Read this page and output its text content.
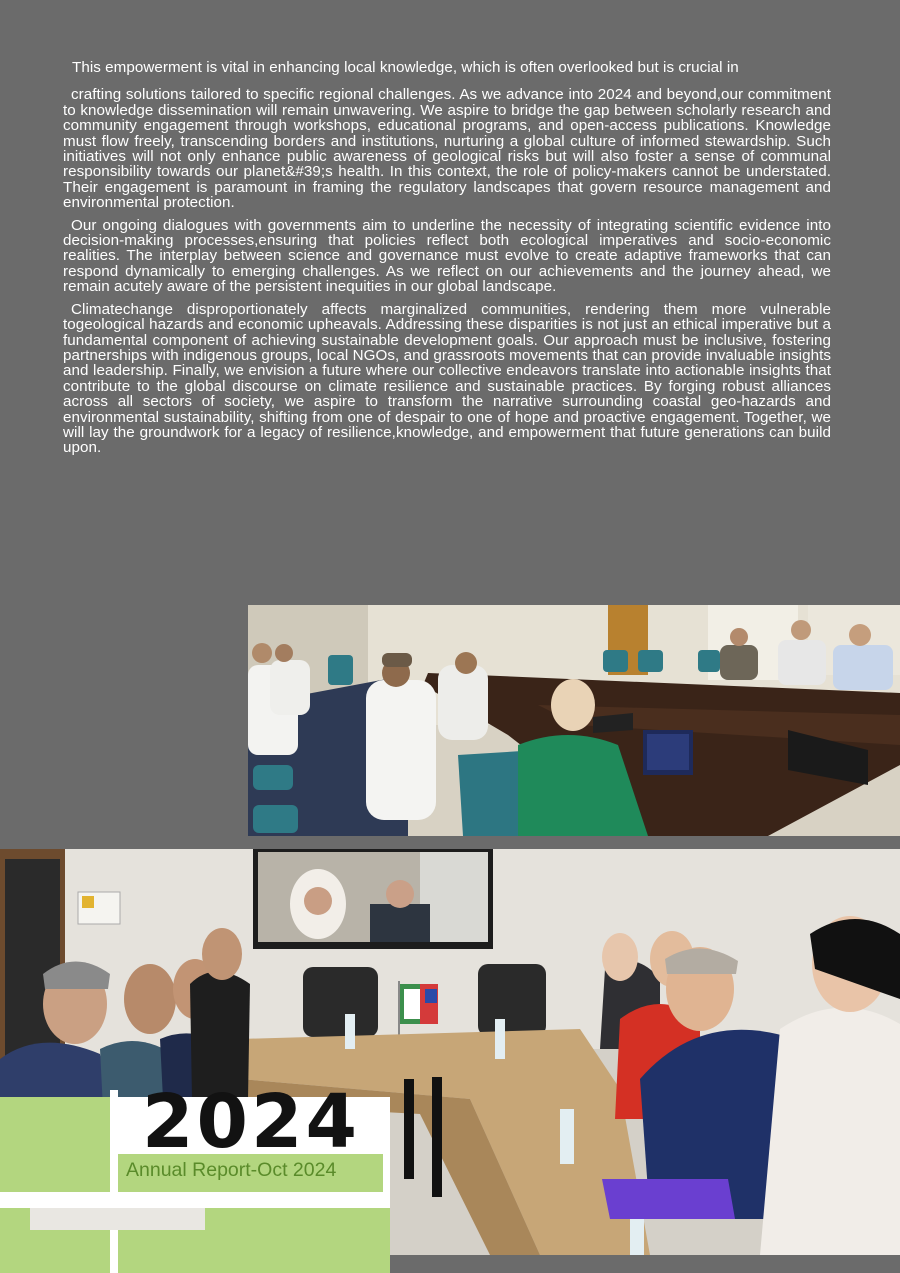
This empowerment is vital in enhancing local knowledge, which is often overlooked but is crucial in

crafting solutions tailored to specific regional challenges. As we advance into 2024 and beyond,our commitment to knowledge dissemination will remain unwavering. We aspire to bridge the gap between scholarly research and community engagement through workshops, educational programs, and open-access publications. Knowledge must flow freely, transcending borders and institutions, nurturing a global culture of informed stewardship. Such initiatives will not only enhance public awareness of geological risks but will also foster a sense of communal responsibility towards our planet&#39;s health. In this context, the role of policy-makers cannot be understated. Their engagement is paramount in framing the regulatory landscapes that govern resource management and environmental protection.

Our ongoing dialogues with governments aim to underline the necessity of integrating scientific evidence into decision-making processes,ensuring that policies reflect both ecological imperatives and socio-economic realities. The interplay between science and governance must evolve to create adaptive frameworks that can respond dynamically to emerging challenges. As we reflect on our achievements and the journey ahead, we remain acutely aware of the persistent inequities in our global landscape.

Climatechange disproportionately affects marginalized communities, rendering them more vulnerable togeological hazards and economic upheavals. Addressing these disparities is not just an ethical imperative but a fundamental component of achieving sustainable development goals. Our approach must be inclusive, fostering partnerships with indigenous groups, local NGOs, and grassroots movements that can provide invaluable insights and leadership. Finally, we envision a future where our collective endeavors translate into actionable insights that contribute to the global discourse on climate resilience and sustainable practices. By forging robust alliances across all sectors of society, we aspire to transform the narrative surrounding coastal geo-hazards and environmental sustainability, shifting from one of despair to one of hope and proactive engagement. Together, we will lay the groundwork for a legacy of resilience,knowledge, and empowerment that future generations can build upon.

2024
Annual Report-Oct 2024
